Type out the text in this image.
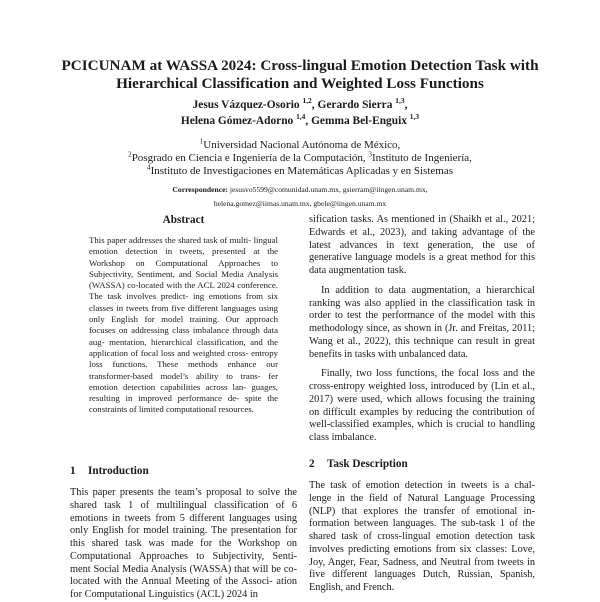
PCICUNAM at WASSA 2024: Cross-lingual Emotion Detection Task with
Hierarchical Classification and Weighted Loss Functions
Jesus Vázquez-Osorio $^{1,2}$, Gerardo Sierra $^{1,3}$,
Helena Gómez-Adorno $^{1,4}$, Gemma Bel-Enguix $^{1,3}$
$^1$Universidad Nacional Autónoma de México,
$^2$Posgrado en Ciencia e Ingeniería de la Computación, $^3$Instituto de Ingeniería,
$^4$Instituto de Investigaciones en Matemáticas Aplicadas y en Sistemas
Correspondence: jesusvo5599@comunidad.unam.mx, gsierram@iingen.unam.mx,
helena.gomez@iimas.unam.mx, gbele@iingen.unam.mx
Abstract

This paper addresses the shared task of multi- lingual emotion detection in tweets, presented at the Workshop on Computational Approaches to Subjectivity, Sentiment, and Social Media Analysis (WASSA) co-located with the ACL 2024 conference. The task involves predict- ing emotions from six classes in tweets from five different languages using only English for model training. Our approach focuses on addressing class imbalance through data aug- mentation, hierarchical classification, and the application of focal loss and weighted cross- entropy loss functions. These methods enhance our transformer-based model’s ability to trans- fer emotion detection capabilities across lan- guages, resulting in improved performance de- spite the constraints of limited computational resources.

1 Introduction

This paper presents the team’s proposal to solve the shared task 1 of multilingual classification of 6 emotions in tweets from 5 different languages using only English for model training. The presentation for this shared task was made for the Workshop on Computational Approaches to Subjectivity, Senti- ment Social Media Analysis (WASSA) that will be co-located with the Annual Meeting of the Associ- ation for Computational Linguistics (ACL) 2024 in

sification tasks. As mentioned in (Shaikh et al., 2021; Edwards et al., 2023), and taking advantage of the latest advances in text generation, the use of generative language models is a great method for this data augmentation task.

In addition to data augmentation, a hierarchical ranking was also applied in the classification task in order to test the performance of the model with this methodology since, as shown in (Jr. and Freitas, 2011; Wang et al., 2022), this technique can result in great benefits in tasks with unbalanced data.

Finally, two loss functions, the focal loss and the cross-entropy weighted loss, introduced by (Lin et al., 2017) were used, which allows focusing the training on difficult examples by reducing the contribution of well-classified examples, which is crucial to handling class imbalance.

2 Task Description

The task of emotion detection in tweets is a chal- lenge in the field of Natural Language Processing (NLP) that explores the transfer of emotional in- formation between languages. The sub-task 1 of the shared task of cross-lingual emotion detection task involves predicting emotions from six classes: Love, Joy, Anger, Fear, Sadness, and Neutral from tweets in five different languages Dutch, Russian, Spanish, English, and French.
